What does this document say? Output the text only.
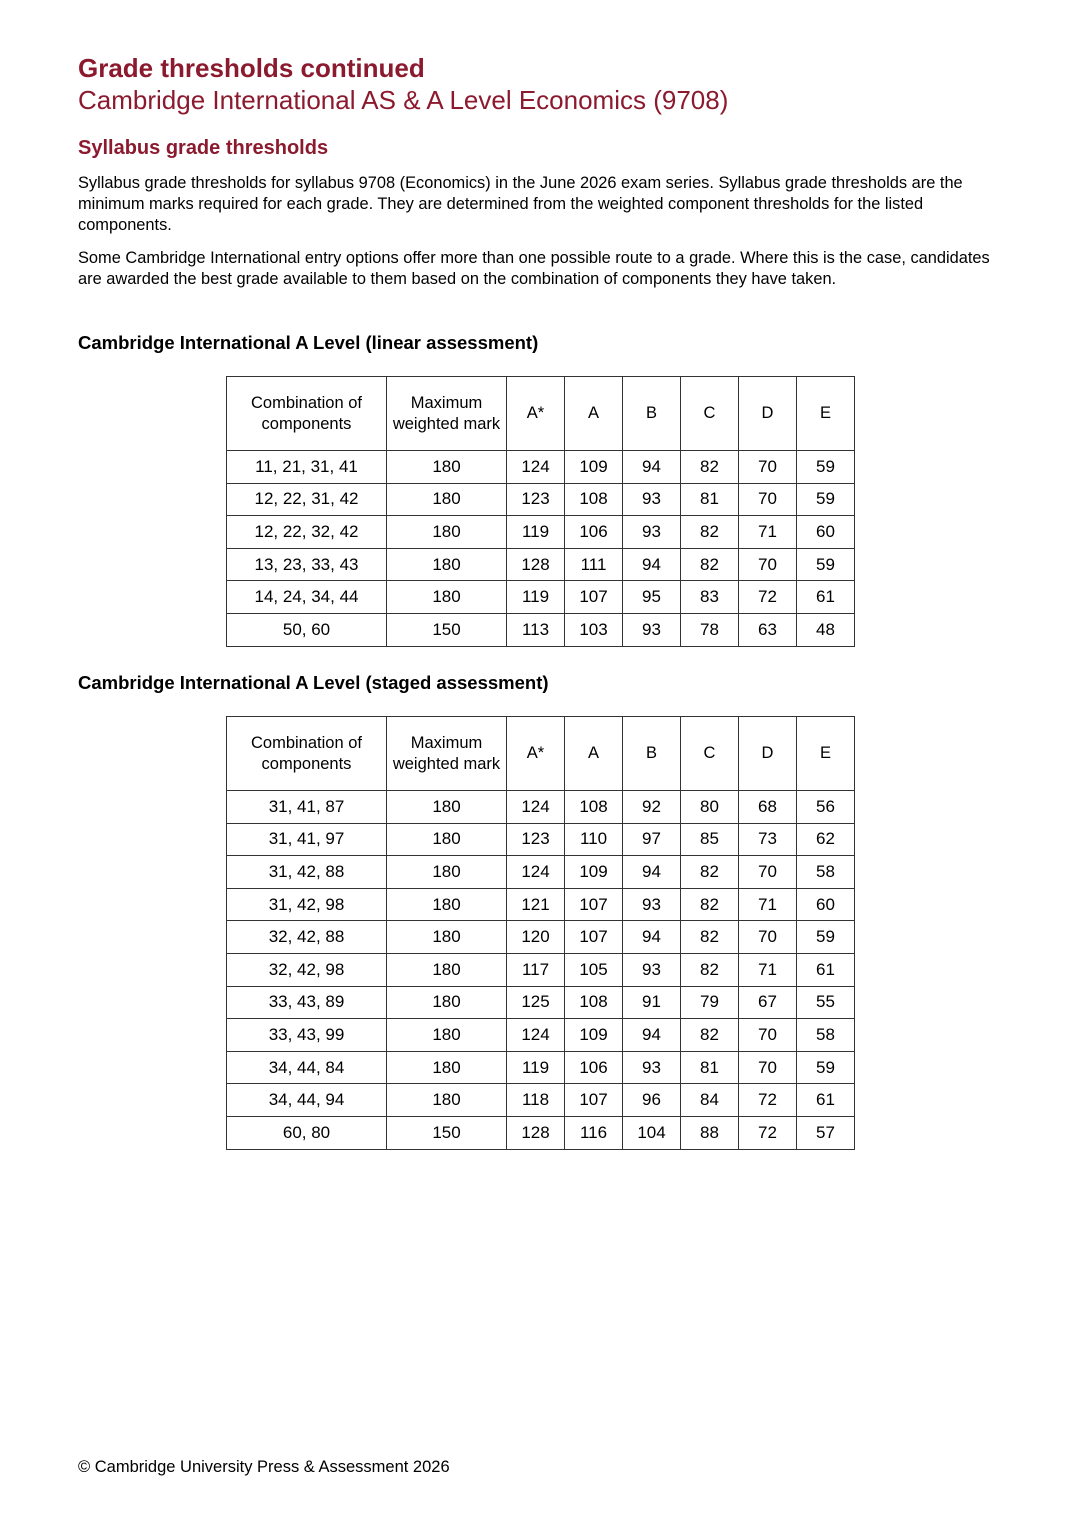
Grade thresholds continued
Cambridge International AS & A Level Economics (9708)
Syllabus grade thresholds

Syllabus grade thresholds for syllabus 9708 (Economics) in the June 2026 exam series. Syllabus grade thresholds are the minimum marks required for each grade. They are determined from the weighted component thresholds for the listed components.

Some Cambridge International entry options offer more than one possible route to a grade. Where this is the case, candidates are awarded the best grade available to them based on the combination of components they have taken.

Cambridge International A Level (linear assessment)
Combination of components	Maximum weighted mark	A*	A	B	C	D	E
11, 21, 31, 41	180	124	109	94	82	70	59
12, 22, 31, 42	180	123	108	93	81	70	59
12, 22, 32, 42	180	119	106	93	82	71	60
13, 23, 33, 43	180	128	111	94	82	70	59
14, 24, 34, 44	180	119	107	95	83	72	61
50, 60	150	113	103	93	78	63	48
Cambridge International A Level (staged assessment)
Combination of components	Maximum weighted mark	A*	A	B	C	D	E
31, 41, 87	180	124	108	92	80	68	56
31, 41, 97	180	123	110	97	85	73	62
31, 42, 88	180	124	109	94	82	70	58
31, 42, 98	180	121	107	93	82	71	60
32, 42, 88	180	120	107	94	82	70	59
32, 42, 98	180	117	105	93	82	71	61
33, 43, 89	180	125	108	91	79	67	55
33, 43, 99	180	124	109	94	82	70	58
34, 44, 84	180	119	106	93	81	70	59
34, 44, 94	180	118	107	96	84	72	61
60, 80	150	128	116	104	88	72	57
© Cambridge University Press & Assessment 2026
